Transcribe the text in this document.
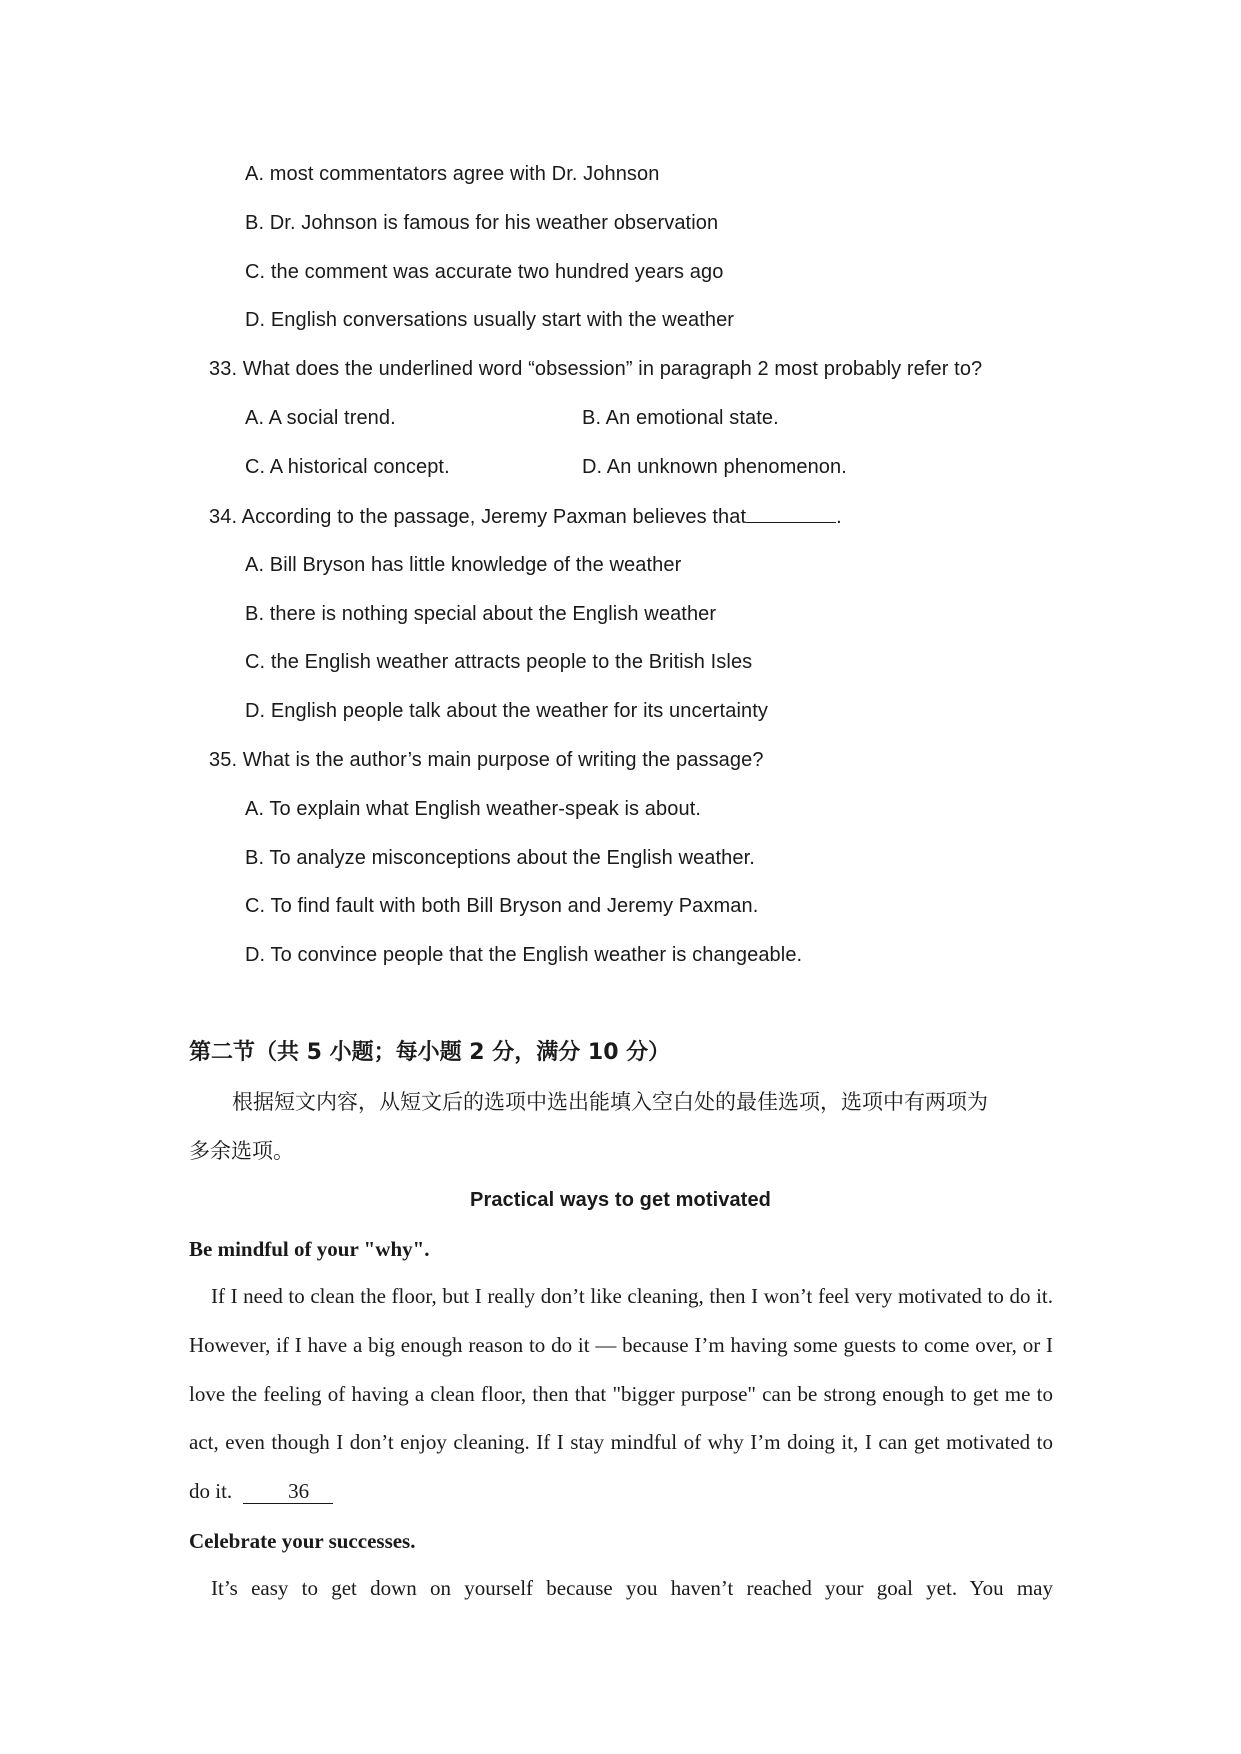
A. most commentators agree with Dr. Johnson
B. Dr. Johnson is famous for his weather observation
C. the comment was accurate two hundred years ago
D. English conversations usually start with the weather
33. What does the underlined word “obsession” in paragraph 2 most probably refer to?
A. A social trend.	B. An emotional state.
C. A historical concept.	D. An unknown phenomenon.
34. According to the passage, Jeremy Paxman believes that	.
A. Bill Bryson has little knowledge of the weather
B. there is nothing special about the English weather
C. the English weather attracts people to the British Isles
D. English people talk about the weather for its uncertainty
35. What is the author’s main purpose of writing the passage?
A. To explain what English weather-speak is about.
B. To analyze misconceptions about the English weather.
C. To find fault with both Bill Bryson and Jeremy Paxman.
D. To convince people that the English weather is changeable.
第二节（共 5 小题；每小题 2 分，满分 10 分）
根据短文内容，从短文后的选项中选出能填入空白处的最佳选项，选项中有两项为
多余选项。
Practical ways to get motivated
Be mindful of your "why".
If I need to clean the floor, but I really don’t like cleaning, then I won’t feel very motivated to do it. However, if I have a big enough reason to do it — because I’m having some guests to come over, or I love the feeling of having a clean floor, then that "bigger purpose" can be strong enough to get me to act, even though I don’t enjoy cleaning. If I stay mindful of why I’m doing it, I can get motivated to do it.	36
Celebrate your successes.
It’s easy to get down on yourself because you haven’t reached your goal yet. You may
